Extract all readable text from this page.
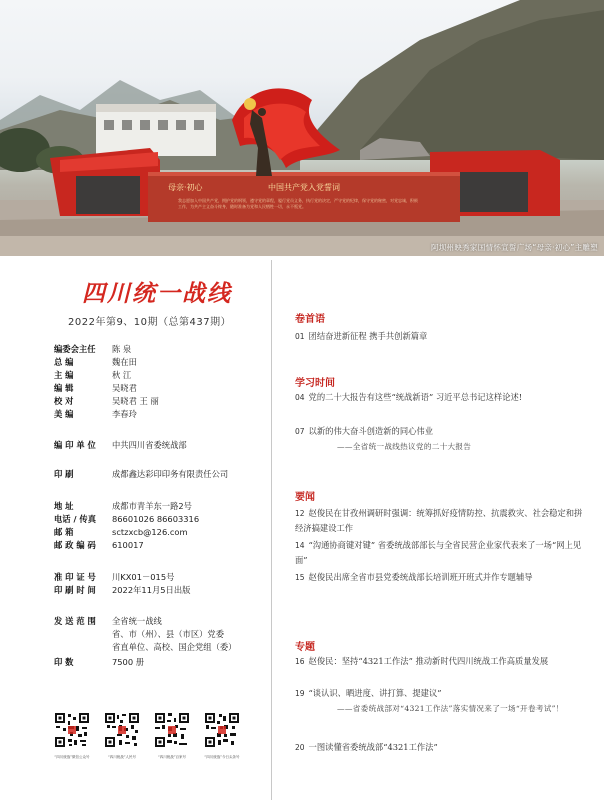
母亲·初心	中国共产党入党誓词
我志愿加入中国共产党，拥护党的纲领，遵守党的章程，履行党员义务，执行党的决定，严守党的纪律，保守党的秘密，对党忠诚，积极工作，为共产主义奋斗终身，随时准备为党和人民牺牲一切，永不叛党。
阿坝州映秀家国情怀宣誓广场“母亲·初心”主雕塑
四川统一战线
2022年第9、10期（总第437期）
编委会主任	陈 泉
总 编	魏在田
主 编	秋 江
编 辑	吴晓君
校 对	吴晓君 王 丽
美 编	李春玲
编 印 单 位	中共四川省委统战部
印 刷	成都鑫达彩印印务有限责任公司
地 址	成都市青羊东一路2号
电话 / 传真	86601026 86603316
邮 箱	sctzxcb@126.com
邮 政 编 码	610017
准 印 证 号	川KX01－015号
印 刷 时 间	2022年11月5日出版
发 送 范 围	全省统一战线
省、市（州）、县（市区）党委
省直单位、高校、国企党组（委）
印 数	7500 册
“四川统战”微信公众号	“四川统战”人民号	“四川统战”百家号	“四川统战”今日头条号
卷首语
01 团结奋进新征程 携手共创新篇章
学习时间
04 党的二十大报告有这些“统战新语” 习近平总书记这样论述!
07 以新的伟大奋斗创造新的同心伟业
——全省统一战线热议党的二十大报告
要闻
12 赵俊民在甘孜州调研时强调：统筹抓好疫情防控、抗震救灾、社会稳定和拼经济搞建设工作
14 “沟通协商键对键” 省委统战部部长与全省民营企业家代表来了一场“网上见面”
15 赵俊民出席全省市县党委统战部长培训班开班式并作专题辅导
专题
16 赵俊民：坚持“4321工作法” 推动新时代四川统战工作高质量发展
19 “谈认识、晒进度、讲打算、提建议”
——省委统战部对“4321工作法”落实情况来了一场“开卷考试”！
20 一图读懂省委统战部“4321工作法”
